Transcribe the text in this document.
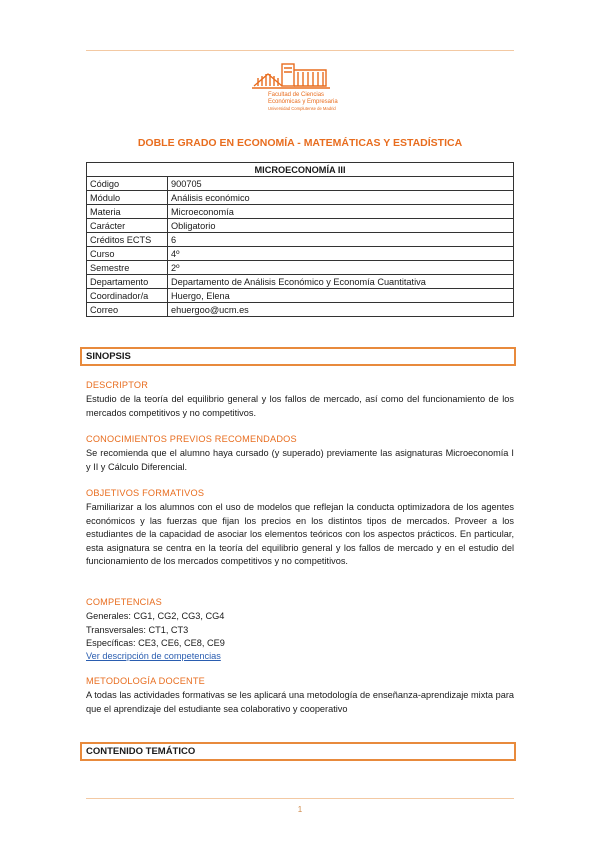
Facultad de Ciencias
Económicas y Empresariales
Universidad Complutense de Madrid
DOBLE GRADO EN ECONOMÍA - MATEMÁTICAS Y ESTADÍSTICA
MICROECONOMÍA III	
Código	900705
Módulo	Análisis económico
Materia	Microeconomía
Carácter	Obligatorio
Créditos ECTS	6
Curso	4º
Semestre	2º
Departamento	Departamento de Análisis Económico y Economía Cuantitativa
Coordinador/a	Huergo, Elena
Correo	ehuergoo@ucm.es
SINOPSIS
DESCRIPTOR
Estudio de la teoría del equilibrio general y los fallos de mercado, así como del funcionamiento de los mercados competitivos y no competitivos.
CONOCIMIENTOS PREVIOS RECOMENDADOS
Se recomienda que el alumno haya cursado (y superado) previamente las asignaturas Microeconomía I y II y Cálculo Diferencial.
OBJETIVOS FORMATIVOS
Familiarizar a los alumnos con el uso de modelos que reflejan la conducta optimizadora de los agentes económicos y las fuerzas que fijan los precios en los distintos tipos de mercados. Proveer a los estudiantes de la capacidad de asociar los elementos teóricos con los aspectos prácticos. En particular, esta asignatura se centra en la teoría del equilibrio general y los fallos de mercado y en el estudio del funcionamiento de los mercados competitivos y no competitivos.
COMPETENCIAS
Generales: CG1, CG2, CG3, CG4
Transversales: CT1, CT3
Específicas: CE3, CE6, CE8, CE9
Ver descripción de competencias
METODOLOGÍA DOCENTE
A todas las actividades formativas se les aplicará una metodología de enseñanza-aprendizaje mixta para que el aprendizaje del estudiante sea colaborativo y cooperativo
CONTENIDO TEMÁTICO
1
